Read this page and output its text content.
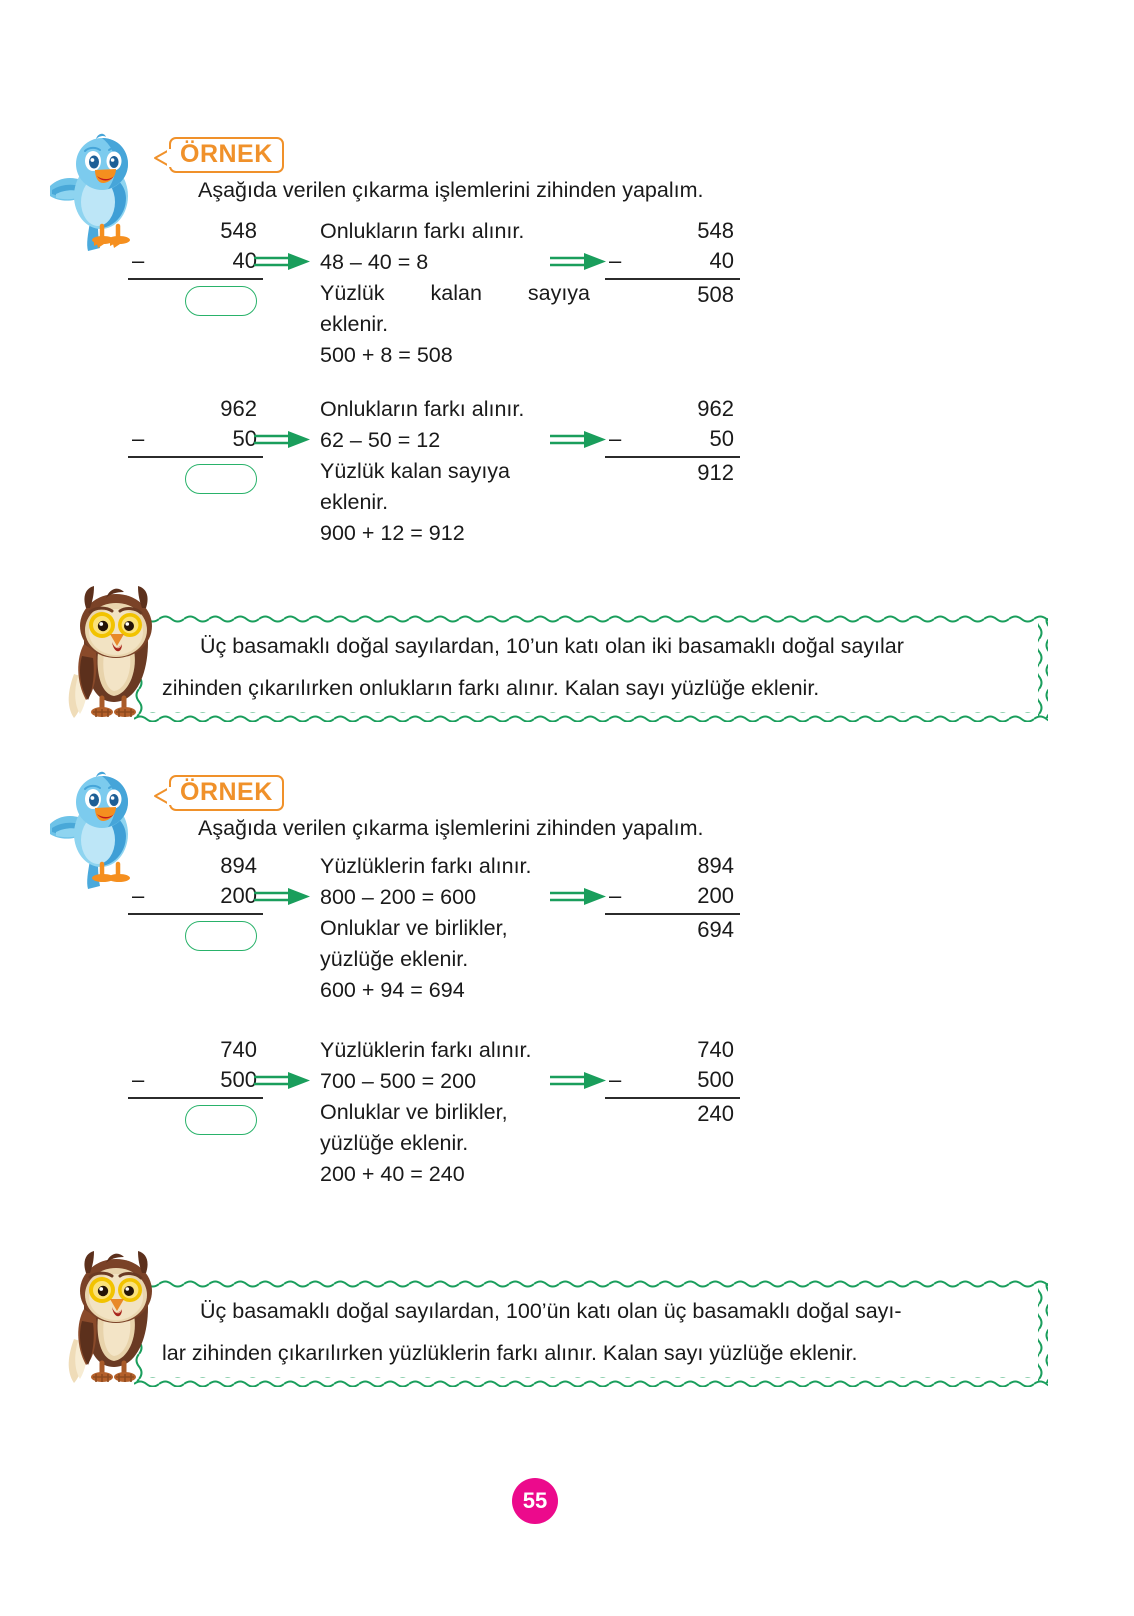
ÖRNEK
Aşağıda verilen çıkarma işlemlerini zihinden yapalım.
548
–	40
Onlukların farkı alınır.
48 – 40 = 8
Yüzlük kalan sayıya
eklenir.
500 + 8 = 508
548
–	40
508
962
–	50
Onlukların farkı alınır.
62 – 50 = 12
Yüzlük kalan sayıya
eklenir.
900 + 12 = 912
962
–	50
912
Üç basamaklı doğal sayılardan, 10’un katı olan iki basamaklı doğal sayılar
zihinden çıkarılırken onlukların farkı alınır. Kalan sayı yüzlüğe eklenir.
ÖRNEK
Aşağıda verilen çıkarma işlemlerini zihinden yapalım.
894
–	200
Yüzlüklerin farkı alınır.
800 – 200 = 600
Onluklar ve birlikler,
yüzlüğe eklenir.
600 + 94 = 694
894
–	200
694
740
–	500
Yüzlüklerin farkı alınır.
700 – 500 = 200
Onluklar ve birlikler,
yüzlüğe eklenir.
200 + 40 = 240
740
–	500
240
Üç basamaklı doğal sayılardan, 100’ün katı olan üç basamaklı doğal sayı-
lar zihinden çıkarılırken yüzlüklerin farkı alınır. Kalan sayı yüzlüğe eklenir.
55
